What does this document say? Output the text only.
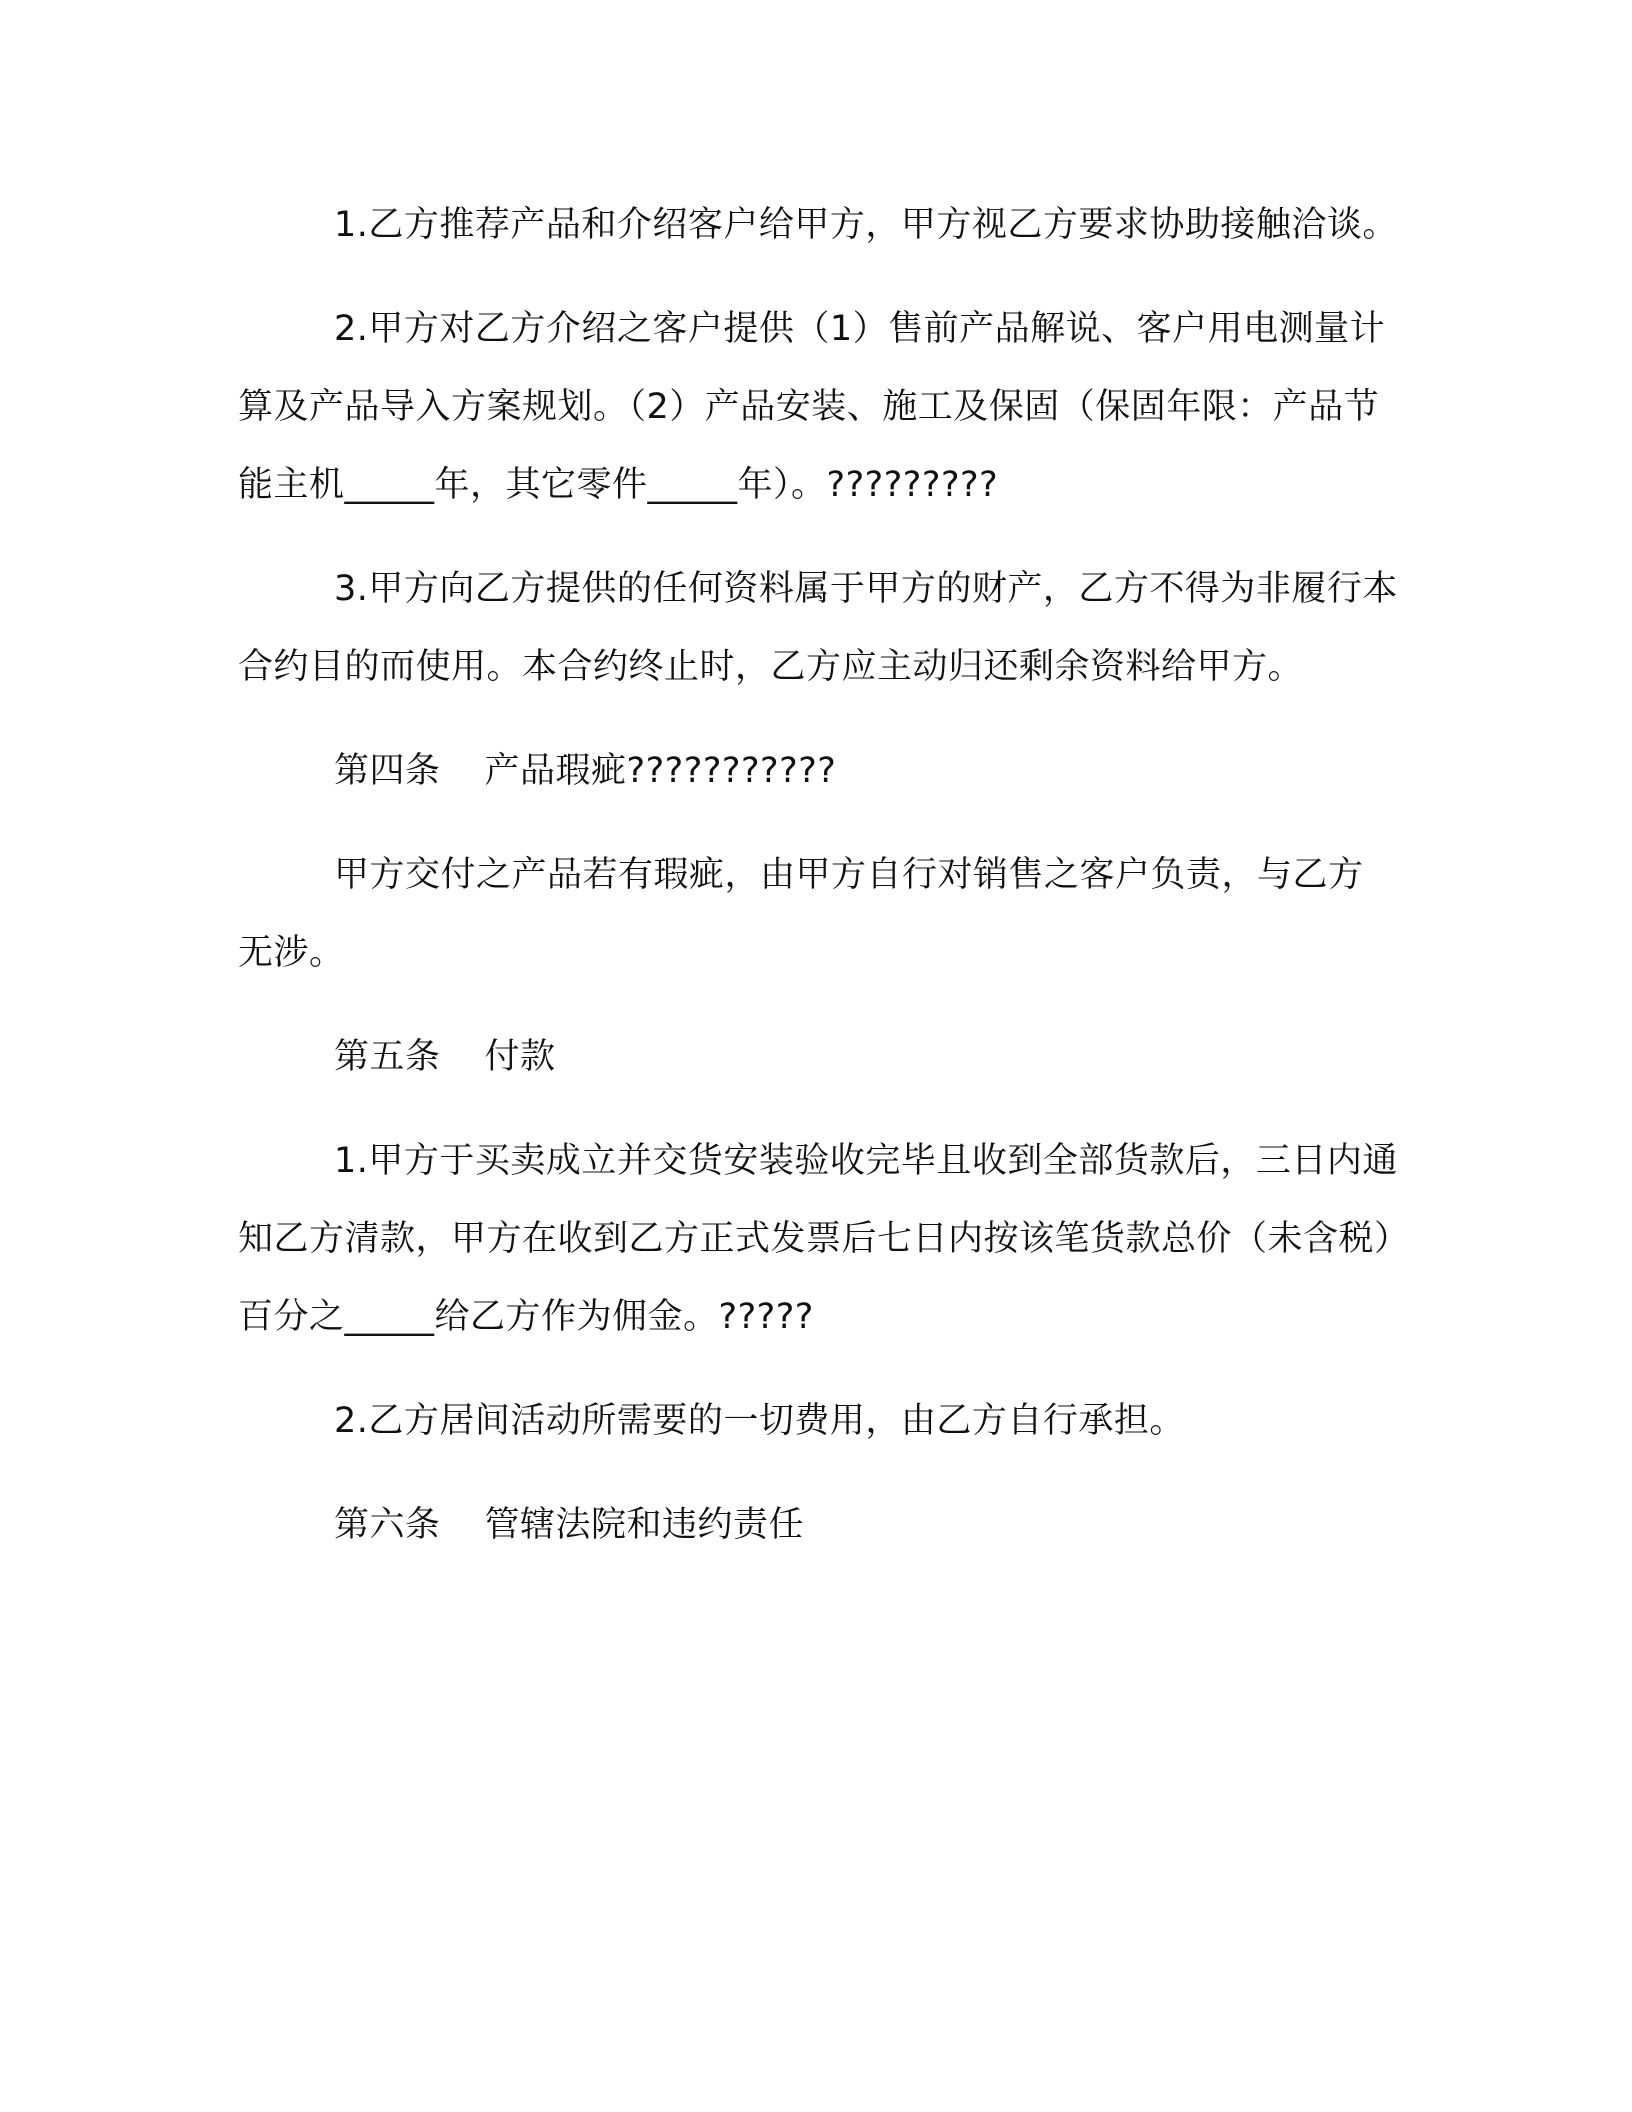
1.乙方推荐产品和介绍客户给甲方，甲方视乙方要求协助接触洽谈。

2.甲方对乙方介绍之客户提供（1）售前产品解说、客户用电测量计算及产品导入方案规划。（2）产品安装、施工及保固（保固年限：产品节能主机_____年，其它零件_____年）。?????????

3.甲方向乙方提供的任何资料属于甲方的财产，乙方不得为非履行本合约目的而使用。本合约终止时，乙方应主动归还剩余资料给甲方。

第四条 产品瑕疵???????????

甲方交付之产品若有瑕疵，由甲方自行对销售之客户负责，与乙方无涉。

第五条 付款

1.甲方于买卖成立并交货安装验收完毕且收到全部货款后，三日内通知乙方清款，甲方在收到乙方正式发票后七日内按该笔货款总价（未含税）百分之_____给乙方作为佣金。?????

2.乙方居间活动所需要的一切费用，由乙方自行承担。

第六条 管辖法院和违约责任
